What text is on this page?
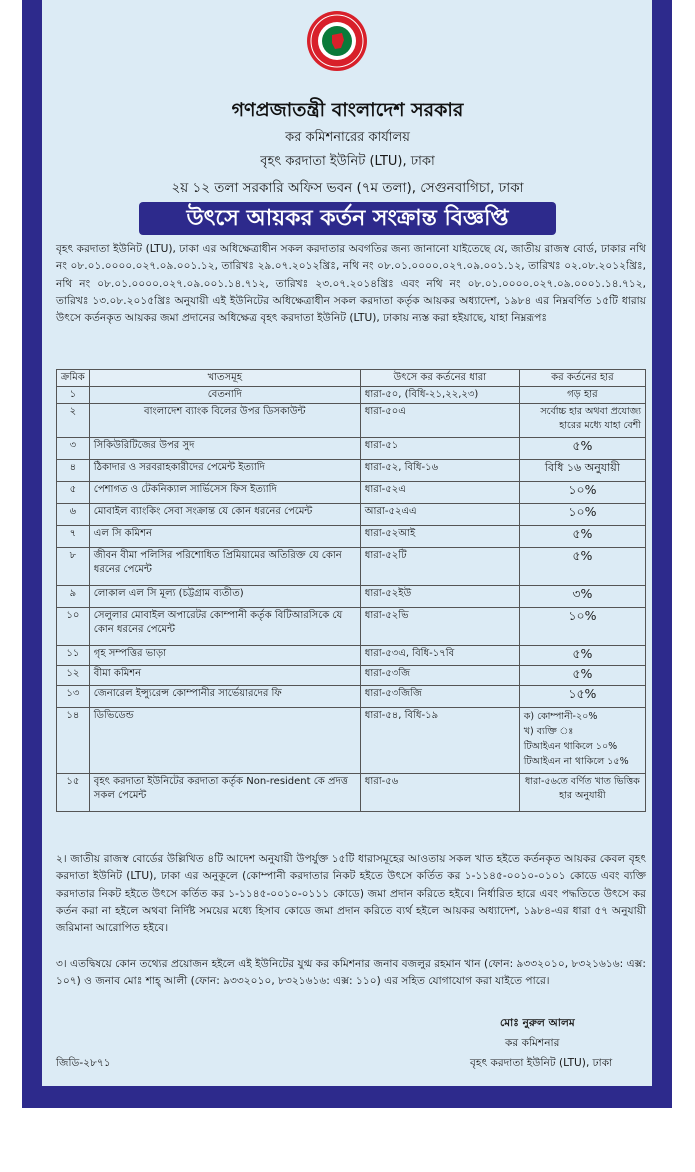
গণপ্রজাতন্ত্রী বাংলাদেশ সরকার
কর কমিশনারের কার্যালয়
বৃহৎ করদাতা ইউনিট (LTU), ঢাকা
২য় ১২ তলা সরকারি অফিস ভবন (৭ম তলা), সেগুনবাগিচা, ঢাকা
উৎসে আয়কর কর্তন সংক্রান্ত বিজ্ঞপ্তি
বৃহৎ করদাতা ইউনিট (LTU), ঢাকা এর অধিক্ষেত্রাধীন সকল করদাতার অবগতির জন্য জানানো যাইতেছে যে, জাতীয় রাজস্ব বোর্ড, ঢাকার নথি নং ০৮.০১.০০০০.০২৭.০৯.০০১.১২, তারিখঃ ২৯.০৭.২০১২খ্রিঃ, নথি নং ০৮.০১.০০০০.০২৭.০৯.০০১.১২, তারিখঃ ০২.০৮.২০১২খ্রিঃ, নথি নং ০৮.০১.০০০০.০২৭.০৯.০০১.১৪.৭১২, তারিখঃ ২৩.০৭.২০১৪খ্রিঃ এবং নথি নং ০৮.০১.০০০০.০২৭.০৯.০০০১.১৪.৭১২, তারিখঃ ১৩.০৮.২০১৫খ্রিঃ অনুযায়ী এই ইউনিটের অধিক্ষেত্রাধীন সকল করদাতা কর্তৃক আয়কর অধ্যাদেশ, ১৯৮৪ এর নিম্নবর্ণিত ১৫টি ধারায় উৎসে কর্তনকৃত আয়কর জমা প্রদানের অধিক্ষেত্র বৃহৎ করদাতা ইউনিট (LTU), ঢাকায় ন্যস্ত করা হইয়াছে, যাহা নিম্নরূপঃ
ক্রমিক	খাতসমূহ	উৎসে কর কর্তনের ধারা	কর কর্তনের হার
১	বেতনাদি	ধারা-৫০, (বিধি-২১,২২,২৩)	গড় হার
২	বাংলাদেশ ব্যাংক বিলের উপর ডিসকাউন্ট	ধারা-৫০এ	সর্বোচ্চ হার অথবা প্রযোজ্য হারের মধ্যে যাহা বেশী
৩	সিকিউরিটিজের উপর সুদ	ধারা-৫১	৫%
৪	ঠিকাদার ও সরবরাহকারীদের পেমেন্ট ইত্যাদি	ধারা-৫২, বিধি-১৬	বিধি ১৬ অনুযায়ী
৫	পেশাগত ও টেকনিক্যাল সার্ভিসেস ফিস ইত্যাদি	ধারা-৫২এ	১০%
৬	মোবাইল ব্যাংকিং সেবা সংক্রান্ত যে কোন ধরনের পেমেন্ট	আরা-৫২এএ	১০%
৭	এল সি কমিশন	ধারা-৫২আই	৫%
৮	জীবন বীমা পলিসির পরিশোধিত প্রিমিয়ামের অতিরিক্ত যে কোন ধরনের পেমেন্ট	ধারা-৫২টি	৫%
৯	লোকাল এল সি মূল্য (চট্টগ্রাম ব্যতীত)	ধারা-৫২ইউ	৩%
১০	সেলুলার মোবাইল অপারেটর কোম্পানী কর্তৃক বিটিআরসিকে যে কোন ধরনের পেমেন্ট	ধারা-৫২ভি	১০%
১১	গৃহ সম্পত্তির ভাড়া	ধারা-৫৩এ, বিধি-১৭বি	৫%
১২	বীমা কমিশন	ধারা-৫৩জি	৫%
১৩	জেনারেল ইন্স্যুরেন্স কোম্পানীর সার্ভেয়ারদের ফি	ধারা-৫৩জিজি	১৫%
১৪	ডিভিডেন্ড	ধারা-৫৪, বিধি-১৯	ক) কোম্পানী-২০%
খ) ব্যক্তি ঃ
টিআইএন থাকিলে ১০%
টিআইএন না থাকিলে ১৫%
১৫	বৃহৎ করদাতা ইউনিটের করদাতা কর্তৃক Non-resident কে প্রদত্ত সকল পেমেন্ট	ধারা-৫৬	ধারা-৫৬তে বর্ণিত খাত ভিত্তিক হার অনুযায়ী
২। জাতীয় রাজস্ব বোর্ডের উল্লিখিত ৪টি আদেশ অনুযায়ী উপর্যুক্ত ১৫টি ধারাসমূহের আওতায় সকল খাত হইতে কর্তনকৃত আয়কর কেবল বৃহৎ করদাতা ইউনিট (LTU), ঢাকা এর অনুকূলে (কোম্পানী করদাতার নিকট হইতে উৎসে কর্তিত কর ১-১১৪৫-০০১০-০১০১ কোডে এবং ব্যক্তি করদাতার নিকট হইতে উৎসে কর্তিত কর ১-১১৪৫-০০১০-০১১১ কোডে) জমা প্রদান করিতে হইবে। নির্ধারিত হারে এবং পদ্ধতিতে উৎসে কর কর্তন করা না হইলে অথবা নির্দিষ্ট সময়ের মধ্যে হিসাব কোডে জমা প্রদান করিতে ব্যর্থ হইলে আয়কর অধ্যাদেশ, ১৯৮৪-এর ধারা ৫৭ অনুযায়ী জরিমানা আরোপিত হইবে।
৩। এতদ্বিষয়ে কোন তথ্যের প্রয়োজন হইলে এই ইউনিটের যুগ্ম কর কমিশনার জনাব বজলুর রহমান খান (ফোন: ৯৩৩২০১০, ৮৩২১৬১৬: এক্স: ১০৭) ও জনাব মোঃ শাহ্ আলী (ফোন: ৯৩৩২০১০, ৮৩২১৬১৬: এক্স: ১১০) এর সহিত যোগাযোগ করা যাইতে পারে।
মোঃ নুরুল আলম
কর কমিশনার
বৃহৎ করদাতা ইউনিট (LTU), ঢাকা
জিডি-২৮৭১
